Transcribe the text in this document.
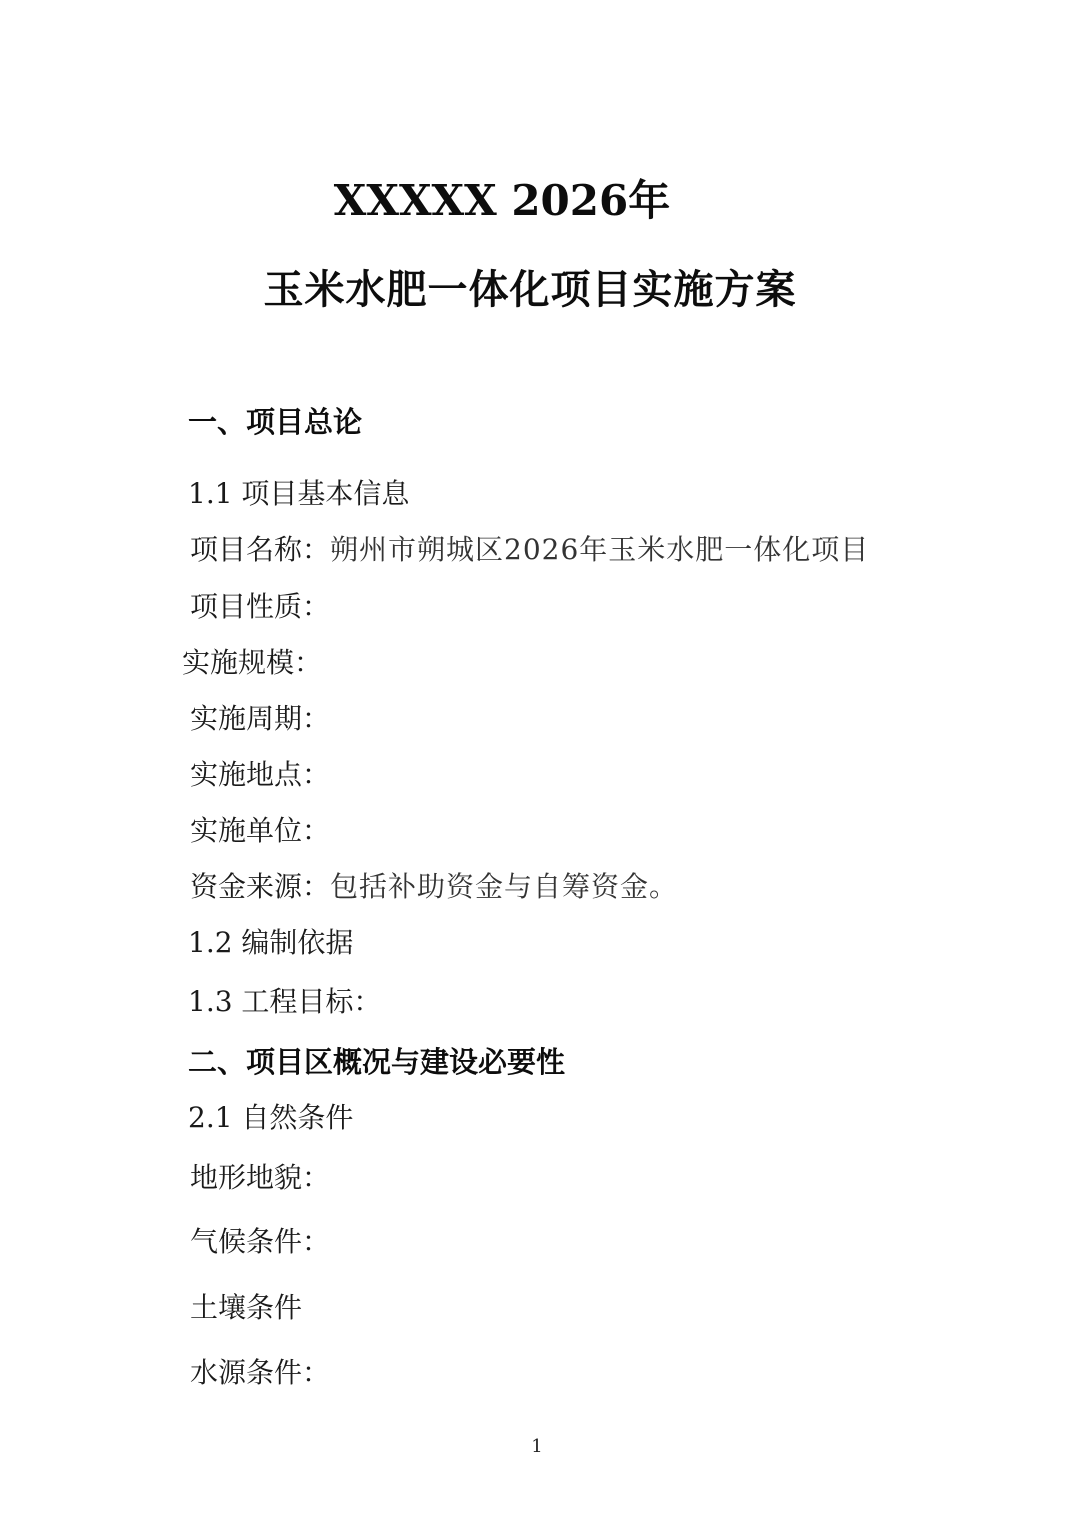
XXXXX 2026年
玉米水肥一体化项目实施方案
一、项目总论
1.1 项目基本信息
项目名称：朔州市朔城区2026年玉米水肥一体化项目
项目性质：
实施规模：
实施周期：
实施地点：
实施单位：
资金来源：包括补助资金与自筹资金。
1.2 编制依据
1.3 工程目标：
二、项目区概况与建设必要性
2.1 自然条件
地形地貌：
气候条件：
土壤条件
水源条件：
1
